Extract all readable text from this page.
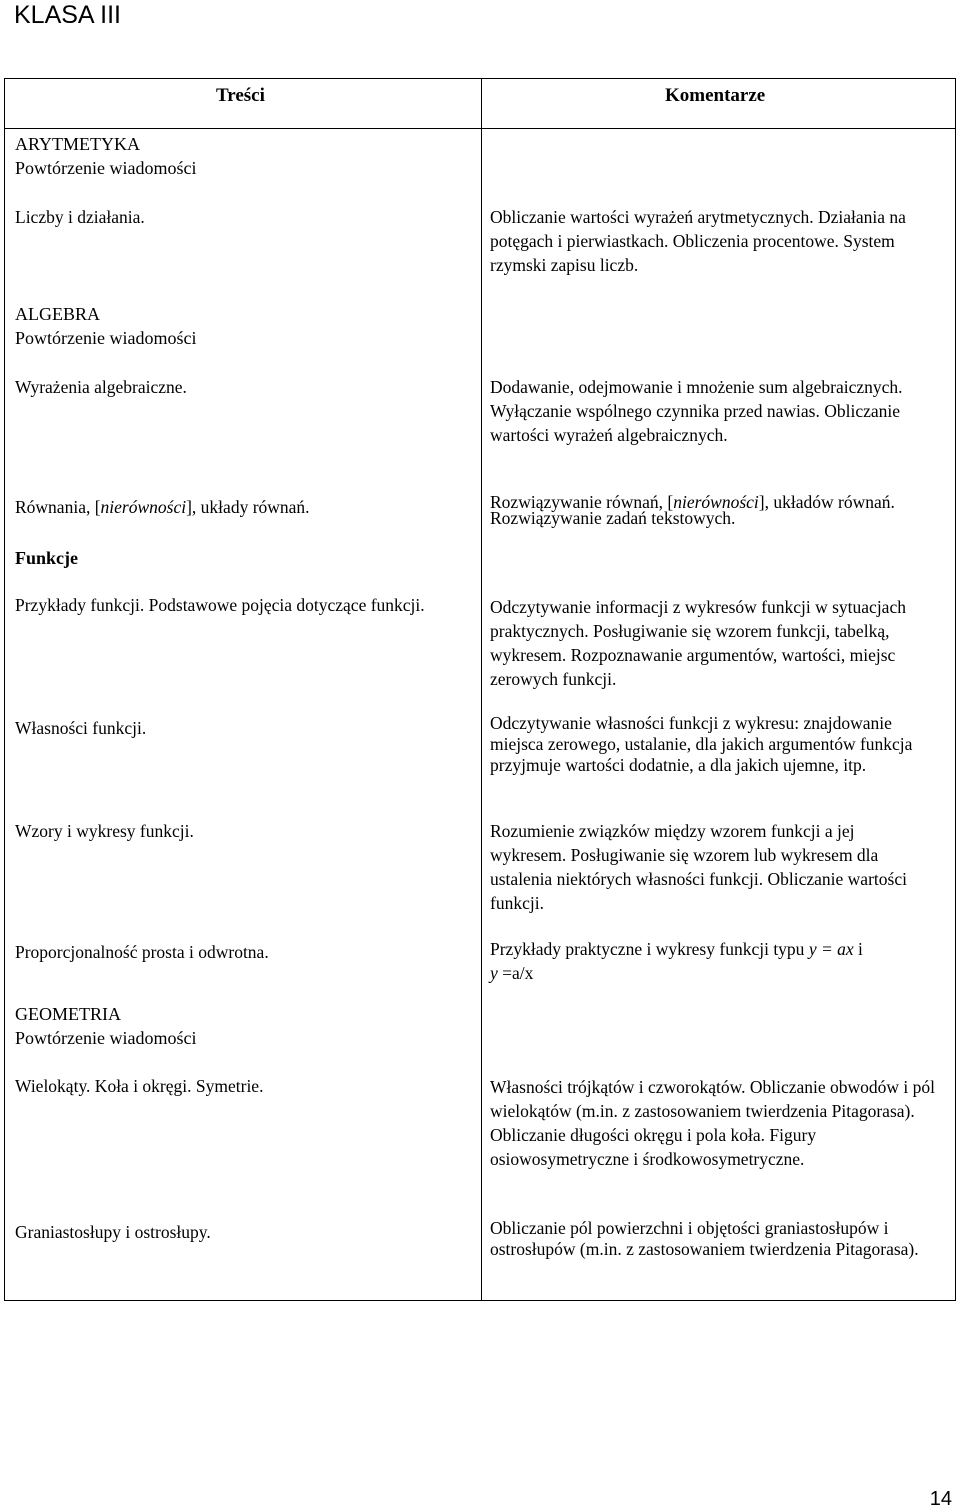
KLASA III
Treści	Komentarze
ARYTMETYKA
Powtórzenie wiadomości
Liczby i działania.	Obliczanie wartości wyrażeń arytmetycznych. Działania na potęgach i pierwiastkach. Obliczenia procentowe. System rzymski zapisu liczb.
ALGEBRA
Powtórzenie wiadomości
Wyrażenia algebraiczne.	Dodawanie, odejmowanie i mnożenie sum algebraicznych. Wyłączanie wspólnego czynnika przed nawias. Obliczanie wartości wyrażeń algebraicznych.
Równania, [nierówności], układy równań.	Rozwiązywanie równań, [nierówności], układów równań. Rozwiązywanie zadań tekstowych.
Funkcje
Przykłady funkcji. Podstawowe pojęcia dotyczące funkcji.	Odczytywanie informacji z wykresów funkcji w sytuacjach praktycznych. Posługiwanie się wzorem funkcji, tabelką, wykresem. Rozpoznawanie argumentów, wartości, miejsc zerowych funkcji.
Własności funkcji.	Odczytywanie własności funkcji z wykresu: znajdowanie miejsca zerowego, ustalanie, dla jakich argumentów funkcja przyjmuje wartości dodatnie, a dla jakich ujemne, itp.
Wzory i wykresy funkcji.	Rozumienie związków między wzorem funkcji a jej wykresem. Posługiwanie się wzorem lub wykresem dla ustalenia niektórych własności funkcji. Obliczanie wartości funkcji.
Proporcjonalność prosta i odwrotna.	Przykłady praktyczne i wykresy funkcji typu y = ax i
y =a/x
GEOMETRIA
Powtórzenie wiadomości
Wielokąty. Koła i okręgi. Symetrie.	Własności trójkątów i czworokątów. Obliczanie obwodów i pól wielokątów (m.in. z zastosowaniem twierdzenia Pitagorasa). Obliczanie długości okręgu i pola koła. Figury osiowosymetryczne i środkowosymetryczne.
Graniastosłupy i ostrosłupy.	Obliczanie pól powierzchni i objętości graniastosłupów i ostrosłupów (m.in. z zastosowaniem twierdzenia Pitagorasa).
14
